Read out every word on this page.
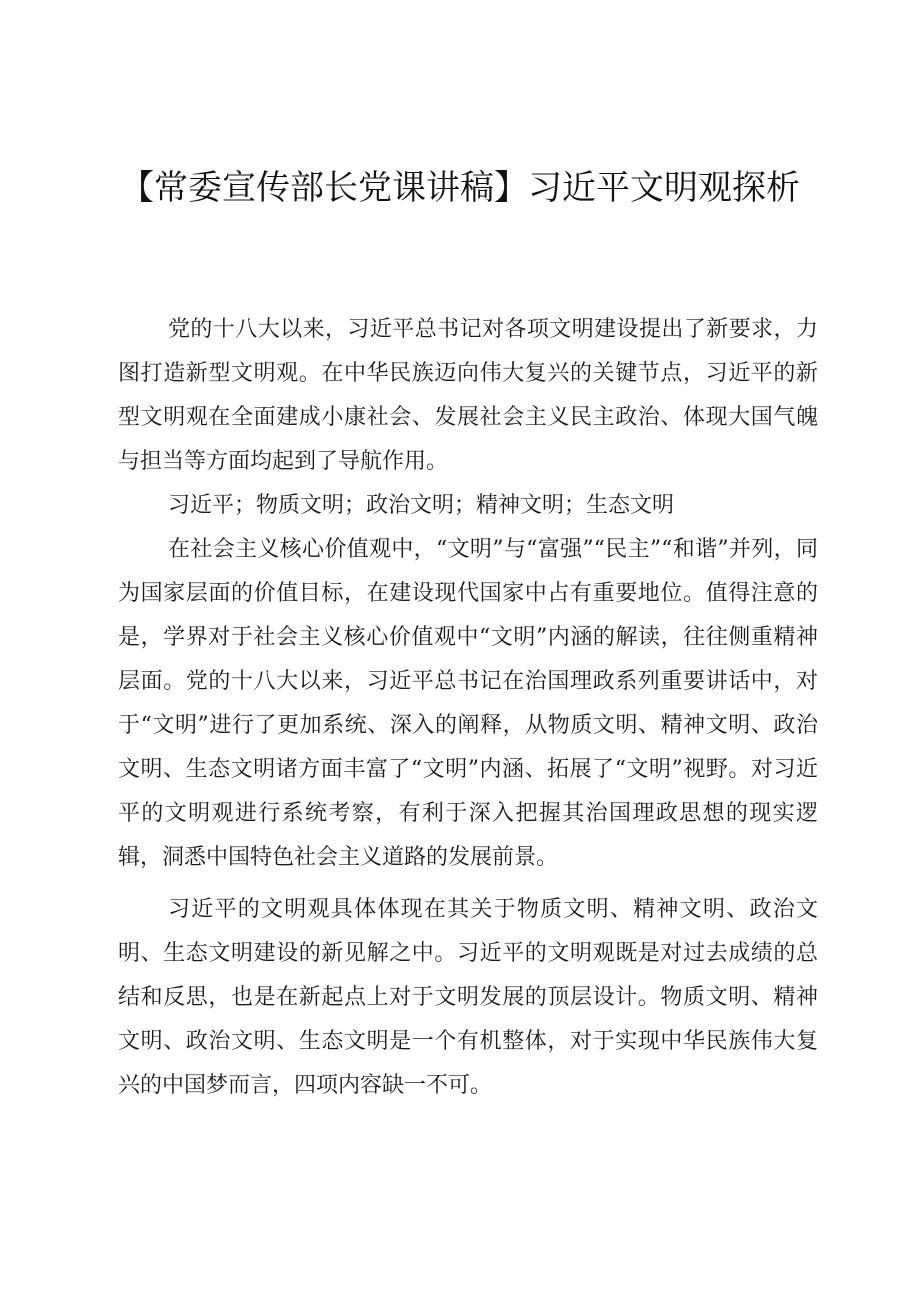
【常委宣传部长党课讲稿】习近平文明观探析

党的十八大以来，习近平总书记对各项文明建设提出了新要求，力图打造新型文明观。在中华民族迈向伟大复兴的关键节点，习近平的新型文明观在全面建成小康社会、发展社会主义民主政治、体现大国气魄与担当等方面均起到了导航作用。

习近平；物质文明；政治文明；精神文明；生态文明

在社会主义核心价值观中，“文明”与“富强”“民主”“和谐”并列，同为国家层面的价值目标，在建设现代国家中占有重要地位。值得注意的是，学界对于社会主义核心价值观中“文明”内涵的解读，往往侧重精神层面。党的十八大以来，习近平总书记在治国理政系列重要讲话中，对于“文明”进行了更加系统、深入的阐释，从物质文明、精神文明、政治文明、生态文明诸方面丰富了“文明”内涵、拓展了“文明”视野。对习近平的文明观进行系统考察，有利于深入把握其治国理政思想的现实逻辑，洞悉中国特色社会主义道路的发展前景。

习近平的文明观具体体现在其关于物质文明、精神文明、政治文明、生态文明建设的新见解之中。习近平的文明观既是对过去成绩的总结和反思，也是在新起点上对于文明发展的顶层设计。物质文明、精神文明、政治文明、生态文明是一个有机整体，对于实现中华民族伟大复兴的中国梦而言，四项内容缺一不可。
